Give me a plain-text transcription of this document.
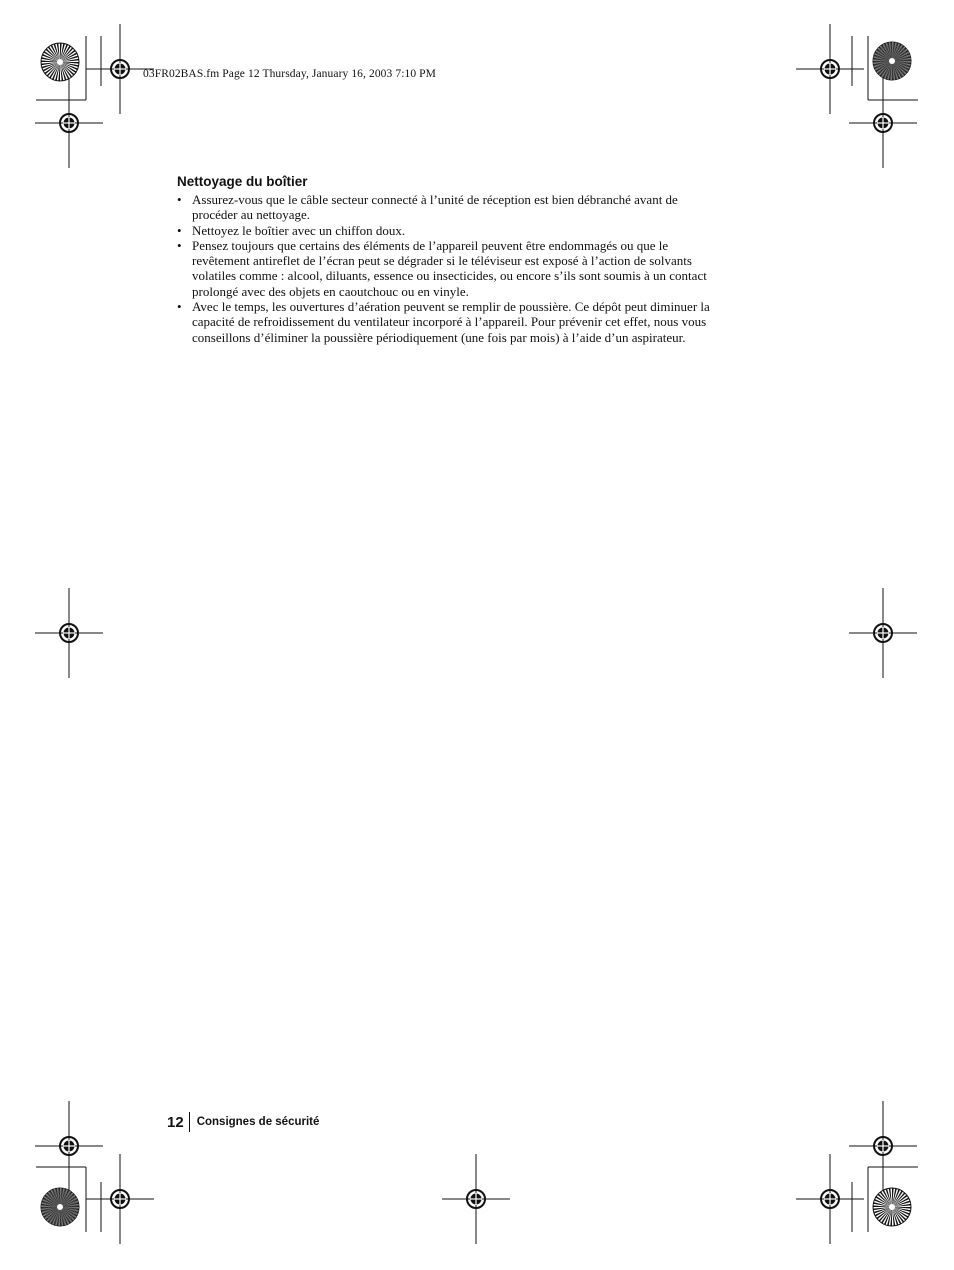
03FR02BAS.fm Page 12 Thursday, January 16, 2003 7:10 PM
Nettoyage du boîtier
• Assurez-vous que le câble secteur connecté à l’unité de réception est bien débranché avant de
procéder au nettoyage.
• Nettoyez le boîtier avec un chiffon doux.
• Pensez toujours que certains des éléments de l’appareil peuvent être endommagés ou que le
revêtement antireflet de l’écran peut se dégrader si le téléviseur est exposé à l’action de solvants
volatiles comme : alcool, diluants, essence ou insecticides, ou encore s’ils sont soumis à un contact
prolongé avec des objets en caoutchouc ou en vinyle.
• Avec le temps, les ouvertures d’aération peuvent se remplir de poussière. Ce dépôt peut diminuer la
capacité de refroidissement du ventilateur incorporé à l’appareil. Pour prévenir cet effet, nous vous
conseillons d’éliminer la poussière périodiquement (une fois par mois) à l’aide d’un aspirateur.
12 Consignes de sécurité
